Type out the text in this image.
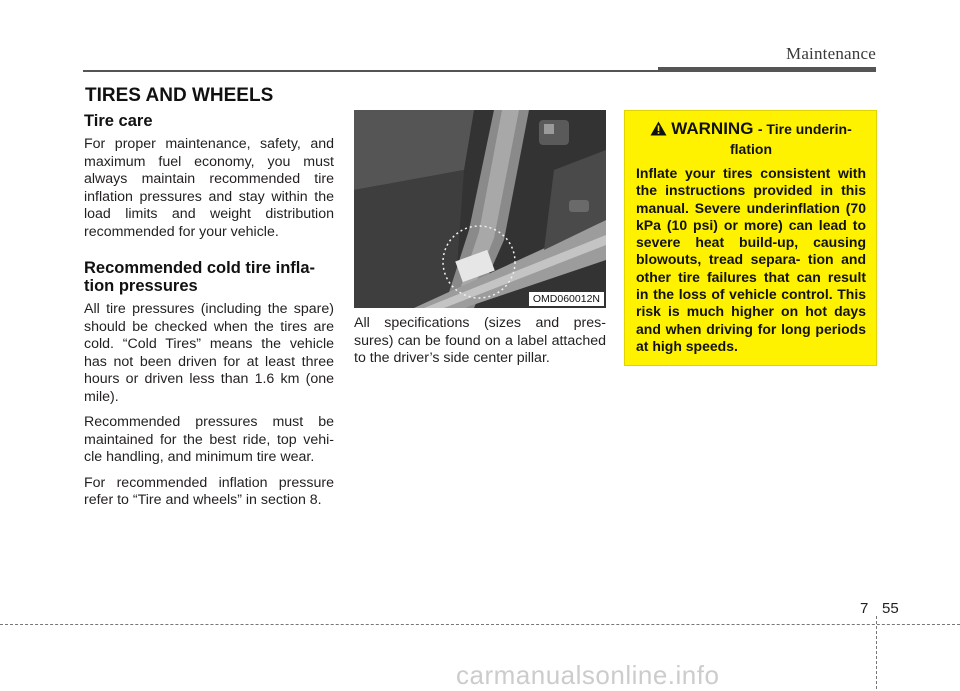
Maintenance
TIRES AND WHEELS
Tire care

For proper maintenance, safety, and maximum fuel economy, you must always maintain recommended tire inflation pressures and stay within the load limits and weight distribution recommended for your vehicle.

Recommended cold tire infla- tion pressures

All tire pressures (including the spare) should be checked when the tires are cold. “Cold Tires” means the vehicle has not been driven for at least three hours or driven less than 1.6 km (one mile).

Recommended pressures must be maintained for the best ride, top vehi- cle handling, and minimum tire wear.

For recommended inflation pressure refer to “Tire and wheels” in section 8.

OMD060012N

All specifications (sizes and pres- sures) can be found on a label attached to the driver’s side center pillar.

WARNING - Tire underin- flation

Inflate your tires consistent with the instructions provided in this manual. Severe underinflation (70 kPa (10 psi) or more) can lead to severe heat build-up, causing blowouts, tread separa- tion and other tire failures that can result in the loss of vehicle control. This risk is much higher on hot days and when driving for long periods at high speeds.

7 55
carmanualsonline.info
